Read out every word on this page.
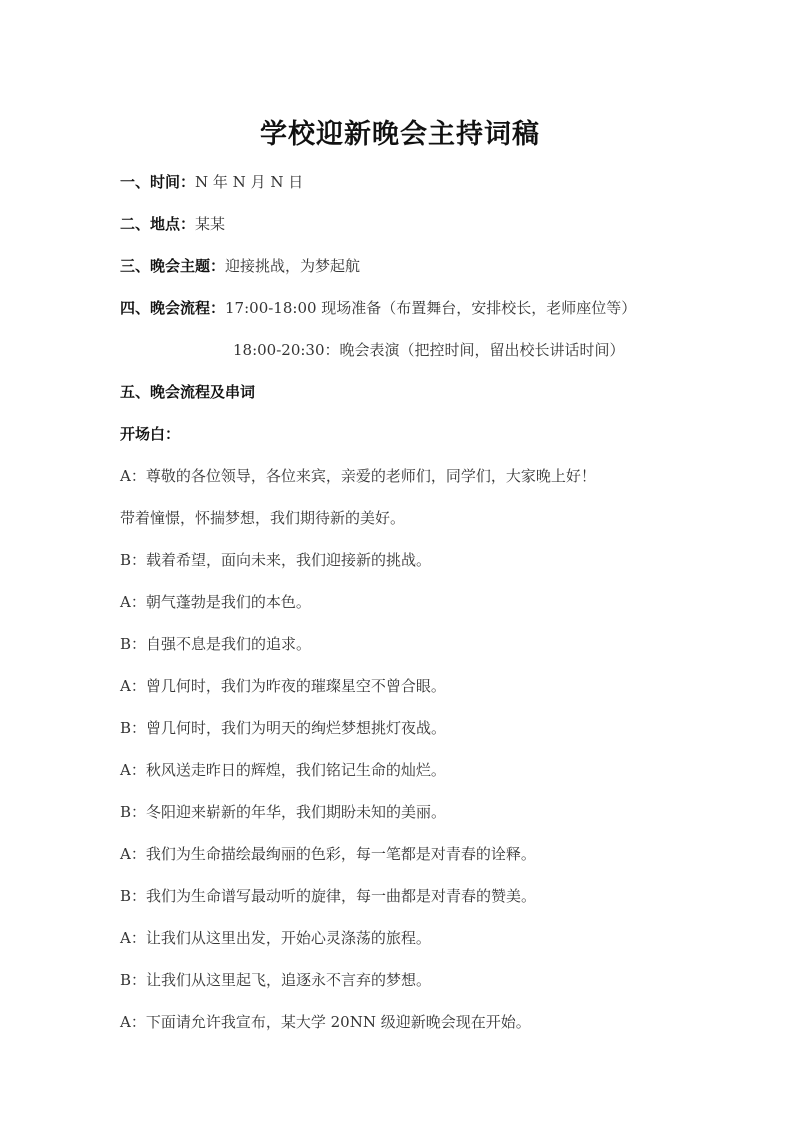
学校迎新晚会主持词稿
一、时间：N 年 N 月 N 日
二、地点：某某
三、晚会主题：迎接挑战，为梦起航
四、晚会流程：17:00-18:00 现场准备（布置舞台，安排校长，老师座位等）
18:00-20:30：晚会表演（把控时间，留出校长讲话时间）
五、晚会流程及串词
开场白：
A：尊敬的各位领导，各位来宾，亲爱的老师们，同学们，大家晚上好！
带着憧憬，怀揣梦想，我们期待新的美好。
B：载着希望，面向未来，我们迎接新的挑战。
A：朝气蓬勃是我们的本色。
B：自强不息是我们的追求。
A：曾几何时，我们为昨夜的璀璨星空不曾合眼。
B：曾几何时，我们为明天的绚烂梦想挑灯夜战。
A：秋风送走昨日的辉煌，我们铭记生命的灿烂。
B：冬阳迎来崭新的年华，我们期盼未知的美丽。
A：我们为生命描绘最绚丽的色彩，每一笔都是对青春的诠释。
B：我们为生命谱写最动听的旋律，每一曲都是对青春的赞美。
A：让我们从这里出发，开始心灵涤荡的旅程。
B：让我们从这里起飞，追逐永不言弃的梦想。
A：下面请允许我宣布，某大学 20NN 级迎新晚会现在开始。
